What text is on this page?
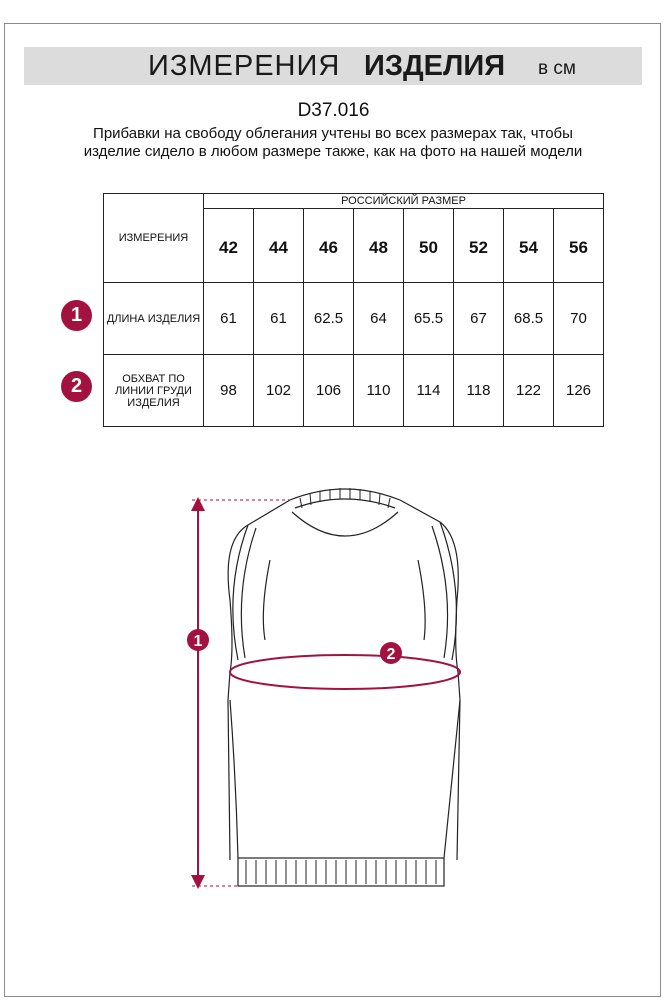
ИЗМЕРЕНИЯ ИЗДЕЛИЯ в см
D37.016
Прибавки на свободу облегания учтены во всех размерах так, чтобы изделие сидело в любом размере также, как на фото на нашей модели
ИЗМЕРЕНИЯ	РОССИЙСКИЙ РАЗМЕР							
	42	44	46	48	50	52	54	56
ДЛИНА ИЗДЕЛИЯ	61	61	62.5	64	65.5	67	68.5	70
ОБХВАТ ПО ЛИНИИ ГРУДИ ИЗДЕЛИЯ	98	102	106	110	114	118	122	126
1
2
1
2
